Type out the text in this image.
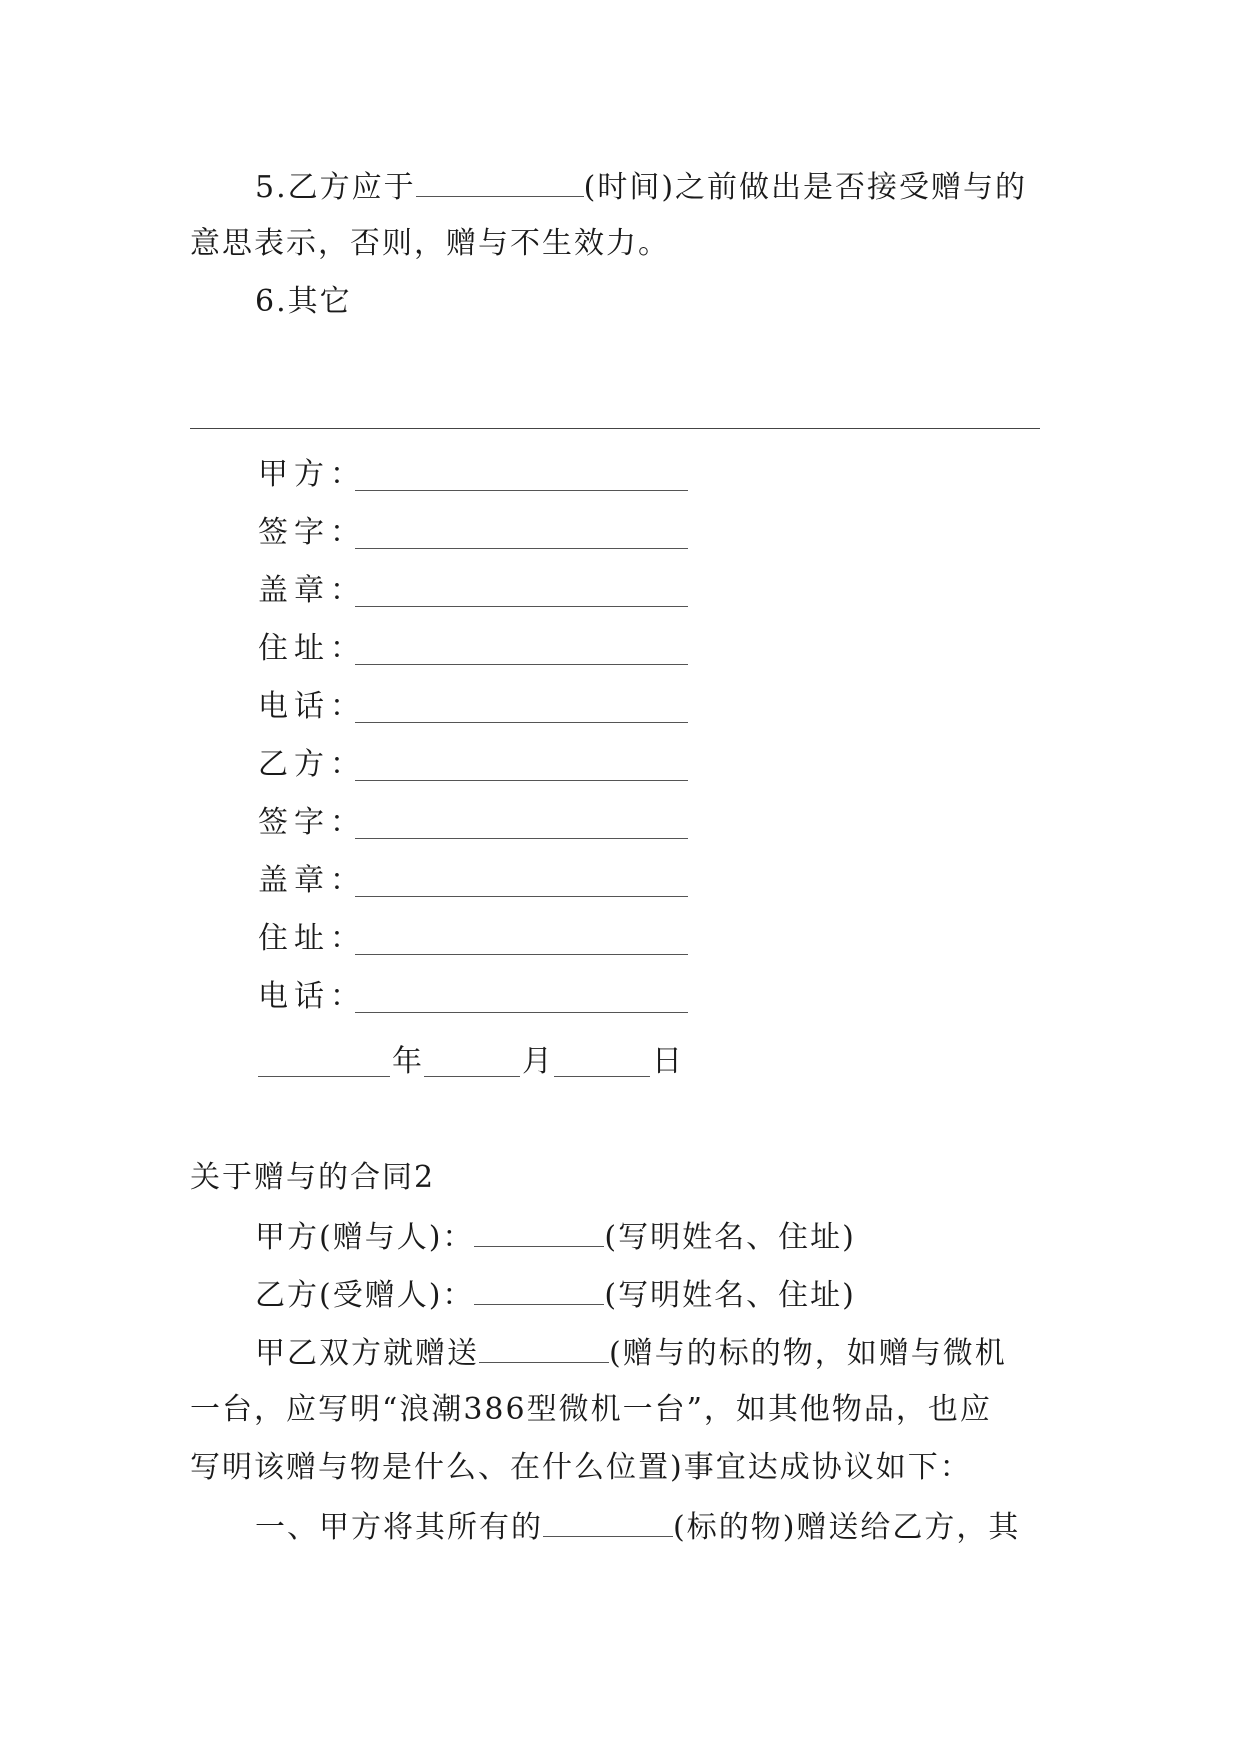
5.乙方应于	(时间)之前做出是否接受赠与的
意思表示，否则，赠与不生效力。
6.其它
甲方：
签字：
盖章：
住址：
电话：
乙方：
签字：
盖章：
住址：
电话：
年	月	日
关于赠与的合同2
甲方(赠与人)：	(写明姓名、住址)
乙方(受赠人)：	(写明姓名、住址)
甲乙双方就赠送	(赠与的标的物，如赠与微机
一台，应写明“浪潮386型微机一台”，如其他物品，也应
写明该赠与物是什么、在什么位置)事宜达成协议如下：
一、甲方将其所有的	(标的物)赠送给乙方，其
